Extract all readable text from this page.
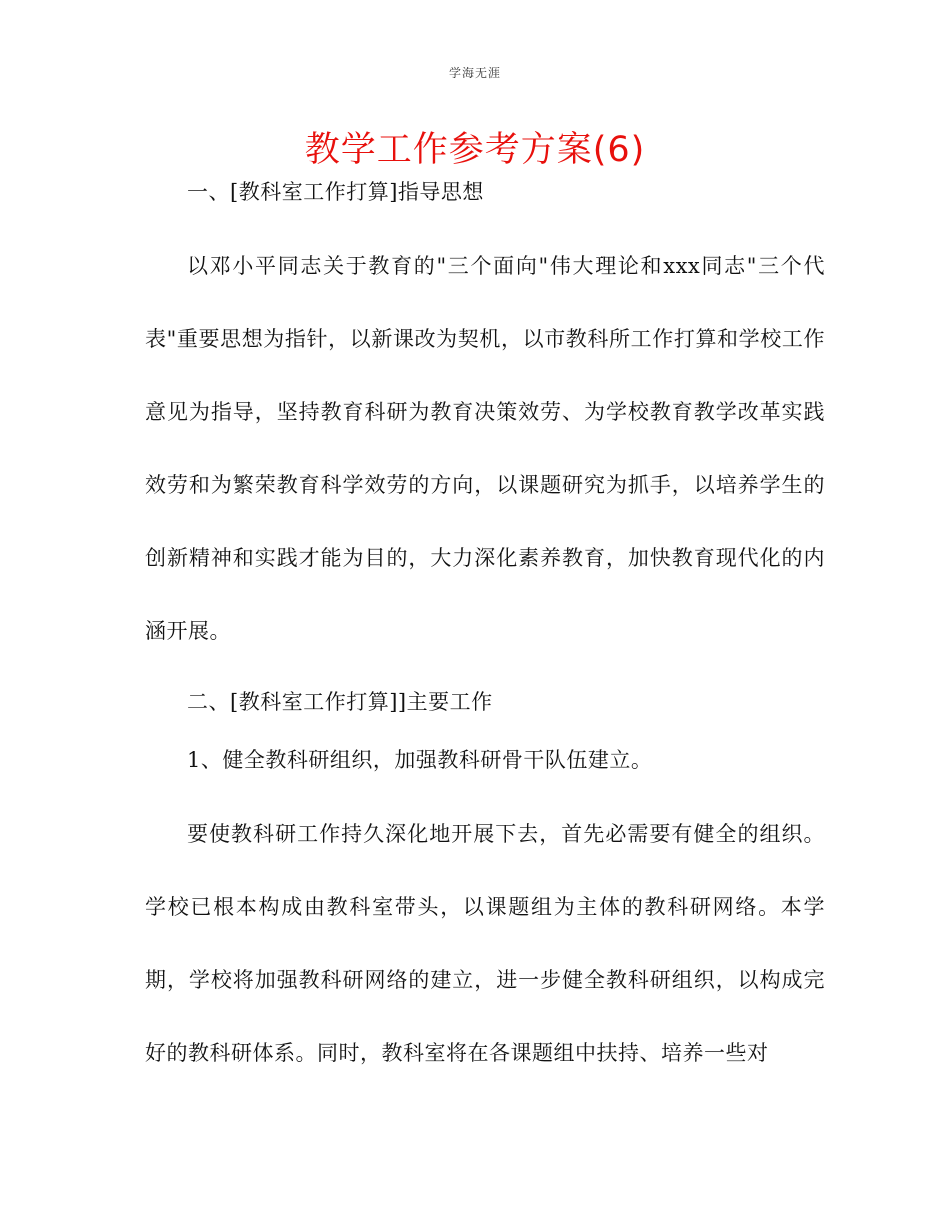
学海无涯
教学工作参考方案(6)

一、[教科室工作打算]指导思想

以邓小平同志关于教育的"三个面向"伟大理论和xxx同志"三个代表"重要思想为指针，以新课改为契机，以市教科所工作打算和学校工作意见为指导，坚持教育科研为教育决策效劳、为学校教育教学改革实践效劳和为繁荣教育科学效劳的方向，以课题研究为抓手，以培养学生的创新精神和实践才能为目的，大力深化素养教育，加快教育现代化的内涵开展。

二、[教科室工作打算]]主要工作

1、健全教科研组织，加强教科研骨干队伍建立。

要使教科研工作持久深化地开展下去，首先必需要有健全的组织。学校已根本构成由教科室带头，以课题组为主体的教科研网络。本学期，学校将加强教科研网络的建立，进一步健全教科研组织，以构成完好的教科研体系。同时，教科室将在各课题组中扶持、培养一些对
